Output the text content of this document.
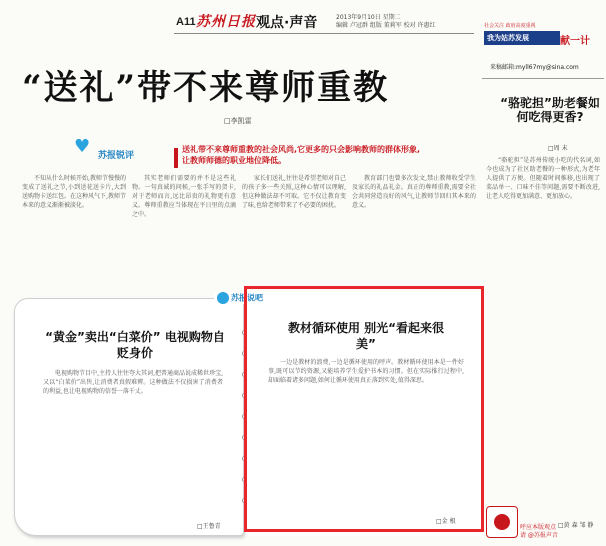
A11 苏州日报 观点·声音	2013年9月10日 星期二
编辑 卢冠群 组版 董莉军 校对 许惠红	社会关注 政府高度重视
我为姑苏发展	献一计
来稿邮箱:myll67my@sina.com
“送礼”带不来尊师重教
□李凯雷
♥ 苏报锐评
送礼带不来尊师重教的社会风尚,它更多的只会影响教师的群体形象,让教师师德的职业地位降低。

不知从什么时候开始,教师节慢慢的变成了送礼之节,小到送花送卡片,大到送购物卡送红包。在这种风气下,教师节本来的意义渐渐被淡化。

其实老师们需要的并不是这些礼物。一句真诚的问候,一张手写的贺卡,对于老师而言,远比昂贵的礼物更有意义。尊师重教应当体现在平日里的点滴之中。

家长们送礼,往往是希望老师对自己的孩子多一些关照,这种心情可以理解,但这种做法却不可取。它不仅让教育变了味,也给老师带来了不必要的困扰。

教育部门也曾多次发文,禁止教师收受学生及家长的礼品礼金。真正的尊师重教,需要全社会共同营造良好的风气,让教师节回归其本来的意义。

“骆驼担”助老餐如何吃得更香?
□周 末

“骆驼担”是苏州传统小吃的代名词,如今也成为了社区助老餐的一种形式,为老年人提供了方便。但随着时间推移,也出现了菜品单一、口味不佳等问题,需要不断改进,让老人吃得更加满意、更加放心。

□黄 森 邹 静
呼应本版观点
请 @苏报声音
“黄金”卖出“白菜价” 电视购物自贬身价

电视购物节目中,主持人往往夸大其词,把普通商品说成稀世珍宝,又以“白菜价”出售,让消费者真假难辨。这种做法不仅损害了消费者的利益,也让电视购物的信誉一落千丈。

□王鲁青
教材循环使用 别光“看起来很美”

一边是教材的浪费,一边是循环使用的呼声。教材循环使用本是一件好事,既可以节约资源,又能培养学生爱护书本的习惯。但在实际推行过程中,却面临着诸多问题,如何让循环使用真正落到实处,值得深思。

□金 根
苏报说吧
